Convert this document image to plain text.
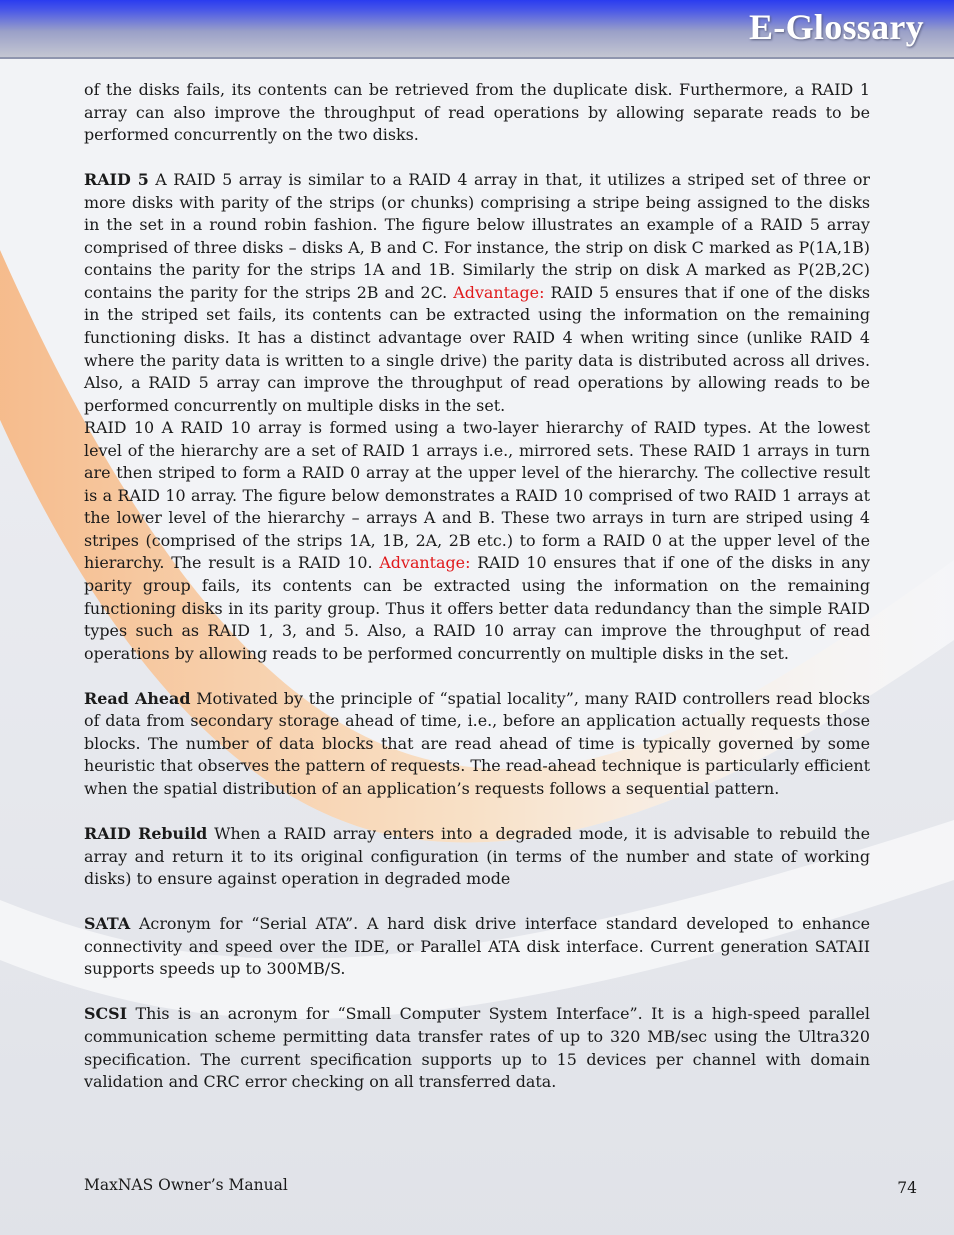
E-Glossary

of the disks fails, its contents can be retrieved from the duplicate disk. Furthermore, a RAID 1 array can also improve the throughput of read operations by allowing separate reads to be performed concurrently on the two disks.

RAID 5 A RAID 5 array is similar to a RAID 4 array in that, it utilizes a striped set of three or more disks with parity of the strips (or chunks) comprising a stripe being assigned to the disks in the set in a round robin fashion. The figure below illustrates an example of a RAID 5 array comprised of three disks – disks A, B and C. For instance, the strip on disk C marked as P(1A,1B) contains the parity for the strips 1A and 1B. Similarly the strip on disk A marked as P(2B,2C) contains the parity for the strips 2B and 2C. Advantage: RAID 5 ensures that if one of the disks in the striped set fails, its contents can be extracted using the information on the remaining functioning disks. It has a distinct advantage over RAID 4 when writing since (unlike RAID 4 where the parity data is written to a single drive) the parity data is distributed across all drives. Also, a RAID 5 array can improve the throughput of read operations by allowing reads to be performed concurrently on multiple disks in the set.

RAID 10 A RAID 10 array is formed using a two-layer hierarchy of RAID types. At the lowest level of the hierarchy are a set of RAID 1 arrays i.e., mirrored sets. These RAID 1 arrays in turn are then striped to form a RAID 0 array at the upper level of the hierarchy. The collective result is a RAID 10 array. The figure below demonstrates a RAID 10 comprised of two RAID 1 arrays at the lower level of the hierarchy – arrays A and B. These two arrays in turn are striped using 4 stripes (comprised of the strips 1A, 1B, 2A, 2B etc.) to form a RAID 0 at the upper level of the hierarchy. The result is a RAID 10. Advantage: RAID 10 ensures that if one of the disks in any parity group fails, its contents can be extracted using the information on the remaining functioning disks in its parity group. Thus it offers better data redundancy than the simple RAID types such as RAID 1, 3, and 5. Also, a RAID 10 array can improve the throughput of read operations by allowing reads to be performed concurrently on multiple disks in the set.

Read Ahead Motivated by the principle of “spatial locality”, many RAID controllers read blocks of data from secondary storage ahead of time, i.e., before an application actually requests those blocks. The number of data blocks that are read ahead of time is typically governed by some heuristic that observes the pattern of requests. The read-ahead technique is particularly efficient when the spatial distribution of an application’s requests follows a sequential pattern.

RAID Rebuild When a RAID array enters into a degraded mode, it is advisable to rebuild the array and return it to its original configuration (in terms of the number and state of working disks) to ensure against operation in degraded mode

SATA Acronym for “Serial ATA”. A hard disk drive interface standard developed to enhance connectivity and speed over the IDE, or Parallel ATA disk interface. Current generation SATAII supports speeds up to 300MB/S.

SCSI This is an acronym for “Small Computer System Interface”. It is a high-speed parallel communication scheme permitting data transfer rates of up to 320 MB/sec using the Ultra320 specification. The current specification supports up to 15 devices per channel with domain validation and CRC error checking on all transferred data.

MaxNAS Owner’s Manual	74
